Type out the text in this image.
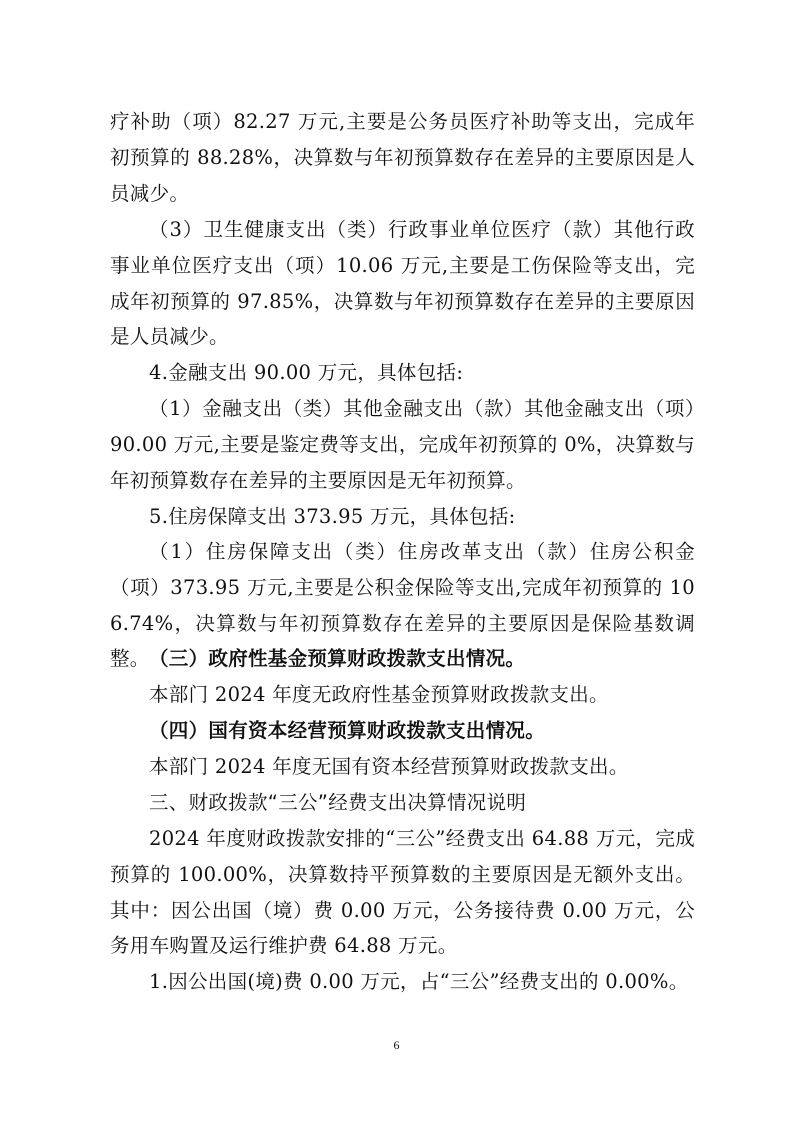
疗补助（项）82.27 万元,主要是公务员医疗补助等支出，完成年初预算的 88.28%，决算数与年初预算数存在差异的主要原因是人员减少。

（3）卫生健康支出（类）行政事业单位医疗（款）其他行政事业单位医疗支出（项）10.06 万元,主要是工伤保险等支出，完成年初预算的 97.85%，决算数与年初预算数存在差异的主要原因是人员减少。

4.金融支出 90.00 万元，具体包括:

（1）金融支出（类）其他金融支出（款）其他金融支出（项）90.00 万元,主要是鉴定费等支出，完成年初预算的 0%，决算数与年初预算数存在差异的主要原因是无年初预算。

5.住房保障支出 373.95 万元，具体包括:

（1）住房保障支出（类）住房改革支出（款）住房公积金（项）373.95 万元,主要是公积金保险等支出,完成年初预算的 106.74%，决算数与年初预算数存在差异的主要原因是保险基数调整。 （三）政府性基金预算财政拨款支出情况。

本部门 2024 年度无政府性基金预算财政拨款支出。

（四）国有资本经营预算财政拨款支出情况。

本部门 2024 年度无国有资本经营预算财政拨款支出。

三、财政拨款“三公”经费支出决算情况说明

2024 年度财政拨款安排的“三公”经费支出 64.88 万元，完成预算的 100.00%，决算数持平预算数的主要原因是无额外支出。其中：因公出国（境）费 0.00 万元，公务接待费 0.00 万元，公务用车购置及运行维护费 64.88 万元。

1.因公出国(境)费 0.00 万元，占“三公”经费支出的 0.00%。

6
